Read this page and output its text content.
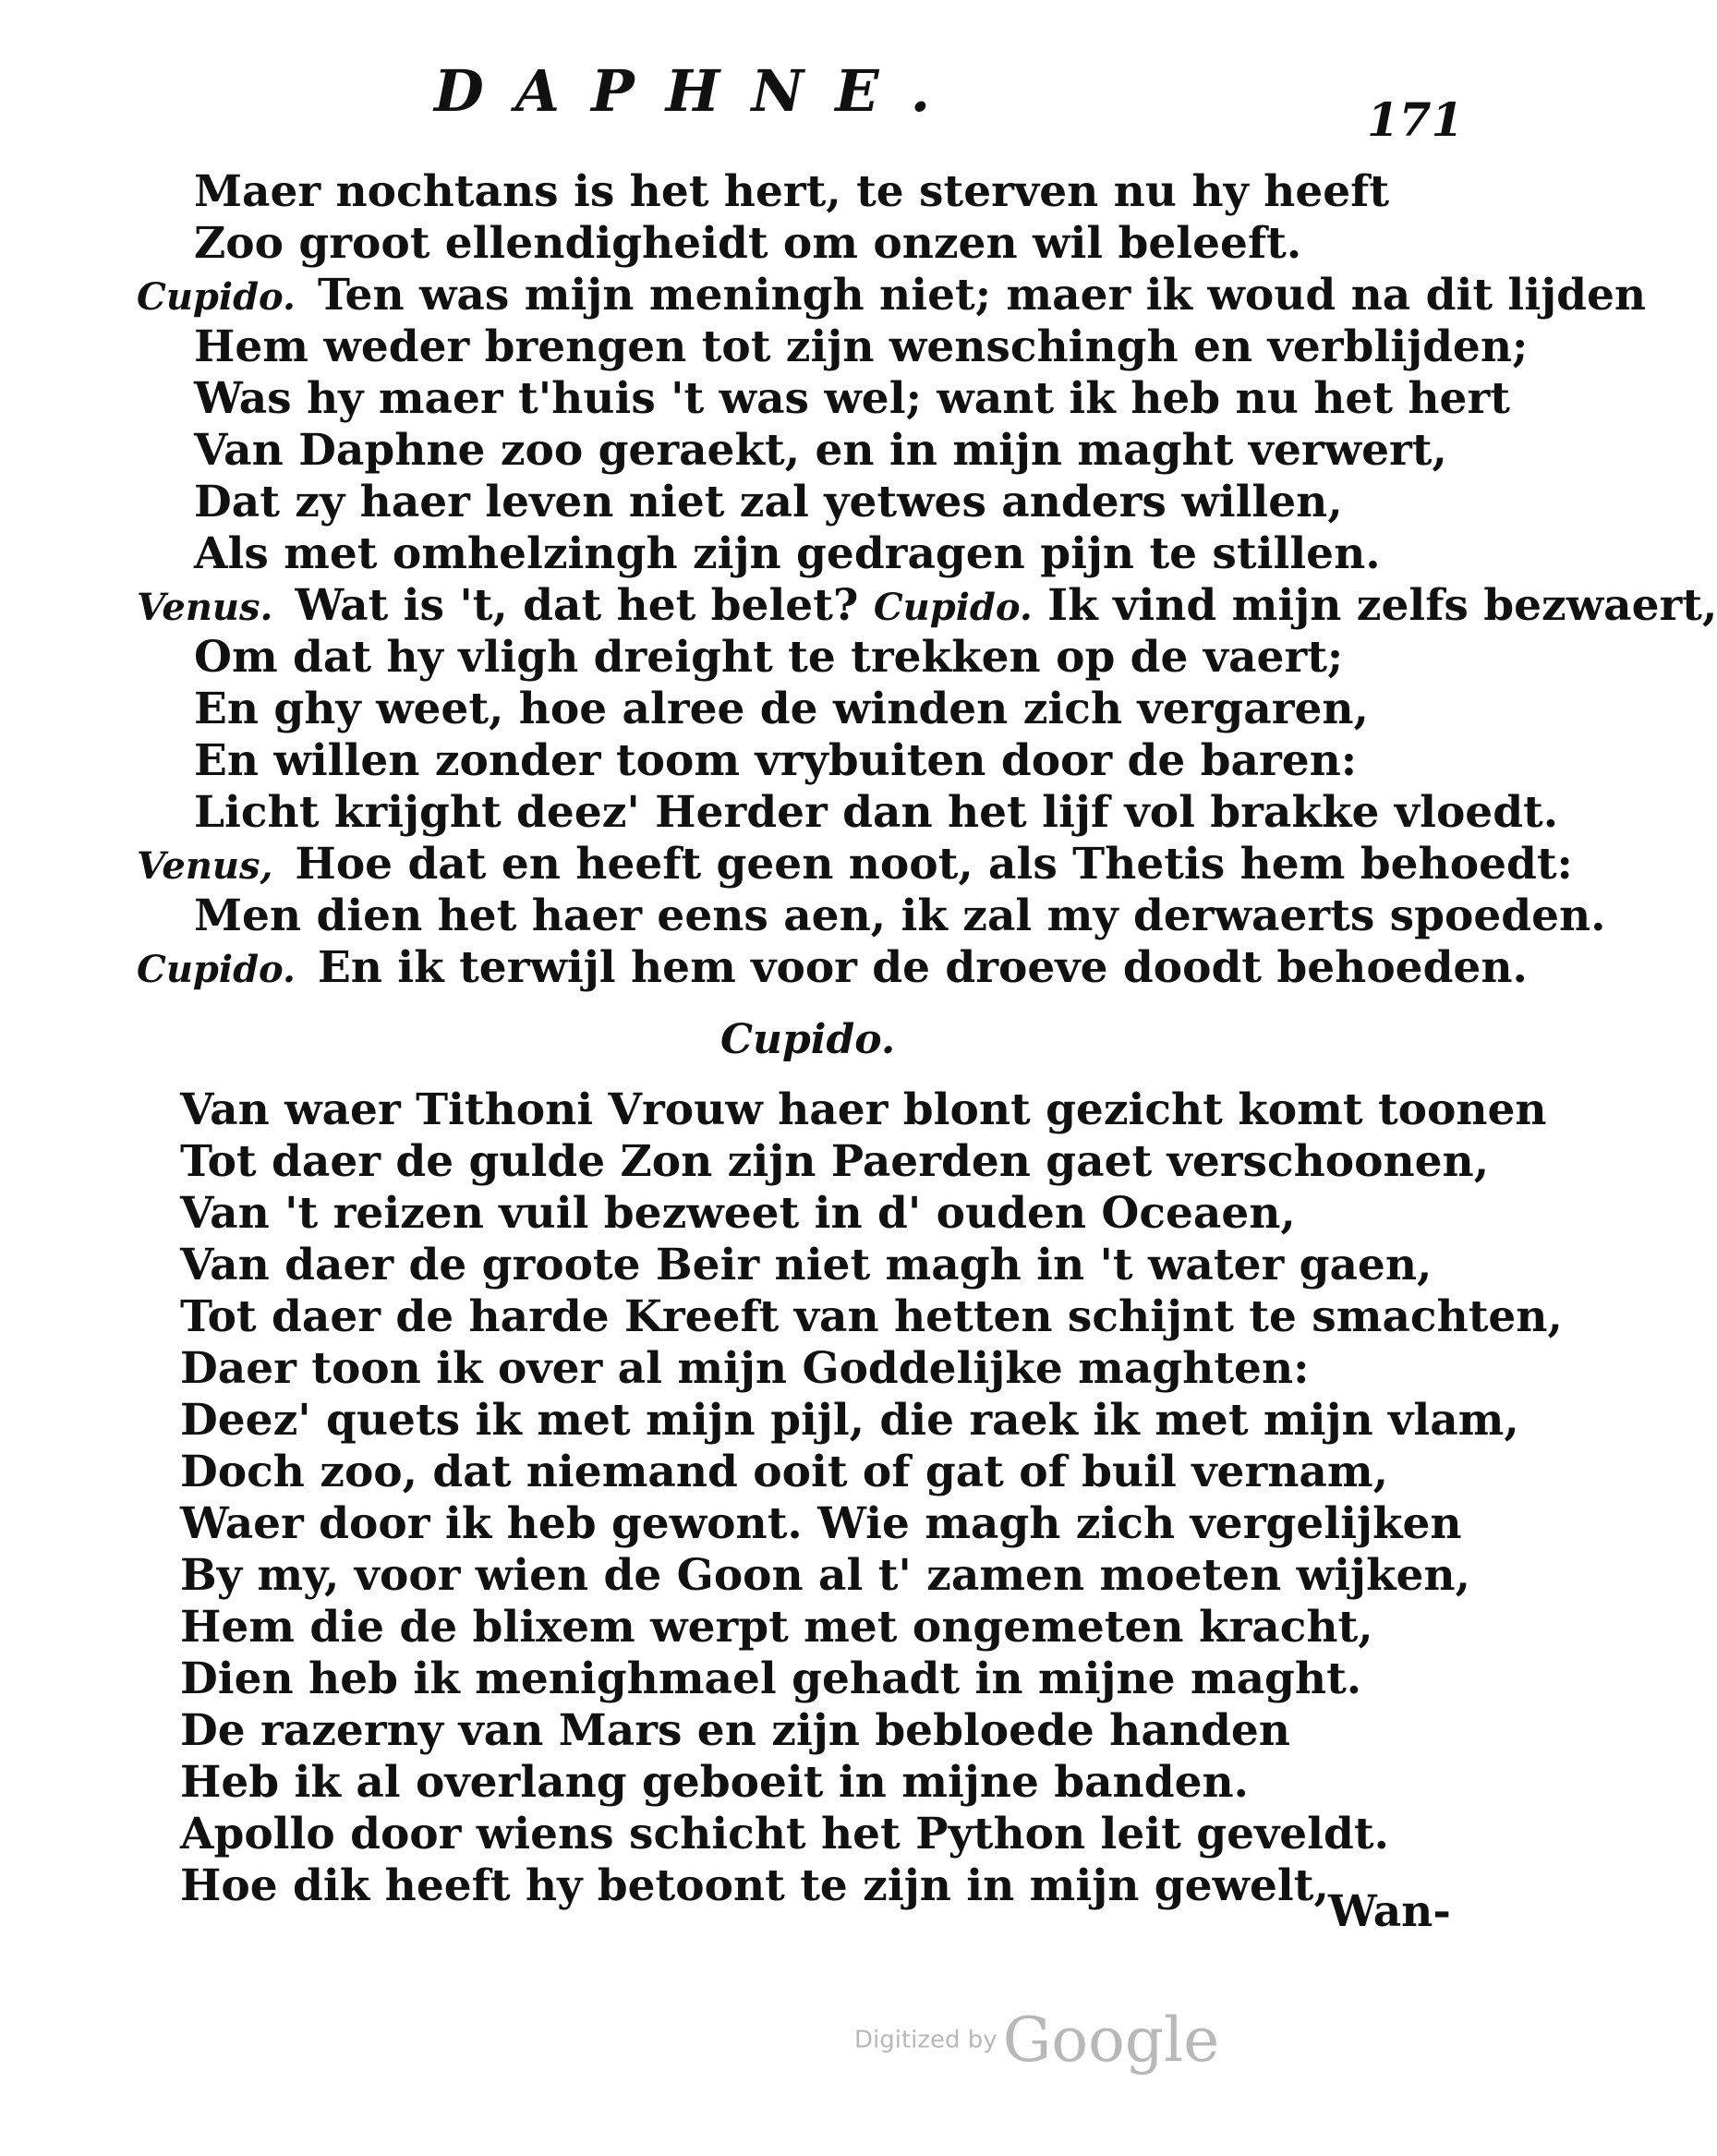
DAPHNE.	171
Maer nochtans is het hert, te sterven nu hy heeft
Zoo groot ellendigheidt om onzen wil beleeft.
Cupido. Ten was mijn meningh niet; maer ik woud na dit lijden
Hem weder brengen tot zijn wenschingh en verblijden;
Was hy maer t'huis 't was wel; want ik heb nu het hert
Van Daphne zoo geraekt, en in mijn maght verwert,
Dat zy haer leven niet zal yetwes anders willen,
Als met omhelzingh zijn gedragen pijn te stillen.
Venus. Wat is 't, dat het belet? Cupido. Ik vind mijn zelfs bezwaert,
Om dat hy vligh dreight te trekken op de vaert;
En ghy weet, hoe alree de winden zich vergaren,
En willen zonder toom vrybuiten door de baren:
Licht krijght deez' Herder dan het lijf vol brakke vloedt.
Venus, Hoe dat en heeft geen noot, als Thetis hem behoedt:
Men dien het haer eens aen, ik zal my derwaerts spoeden.
Cupido. En ik terwijl hem voor de droeve doodt behoeden.
Cupido.
Van waer Tithoni Vrouw haer blont gezicht komt toonen
Tot daer de gulde Zon zijn Paerden gaet verschoonen,
Van 't reizen vuil bezweet in d' ouden Oceaen,
Van daer de groote Beir niet magh in 't water gaen,
Tot daer de harde Kreeft van hetten schijnt te smachten,
Daer toon ik over al mijn Goddelijke maghten:
Deez' quets ik met mijn pijl, die raek ik met mijn vlam,
Doch zoo, dat niemand ooit of gat of buil vernam,
Waer door ik heb gewont. Wie magh zich vergelijken
By my, voor wien de Goon al t' zamen moeten wijken,
Hem die de blixem werpt met ongemeten kracht,
Dien heb ik menighmael gehadt in mijne maght.
De razerny van Mars en zijn bebloede handen
Heb ik al overlang geboeit in mijne banden.
Apollo door wiens schicht het Python leit geveldt.
Hoe dik heeft hy betoont te zijn in mijn gewelt,
Wan-
Digitized byGoogle
